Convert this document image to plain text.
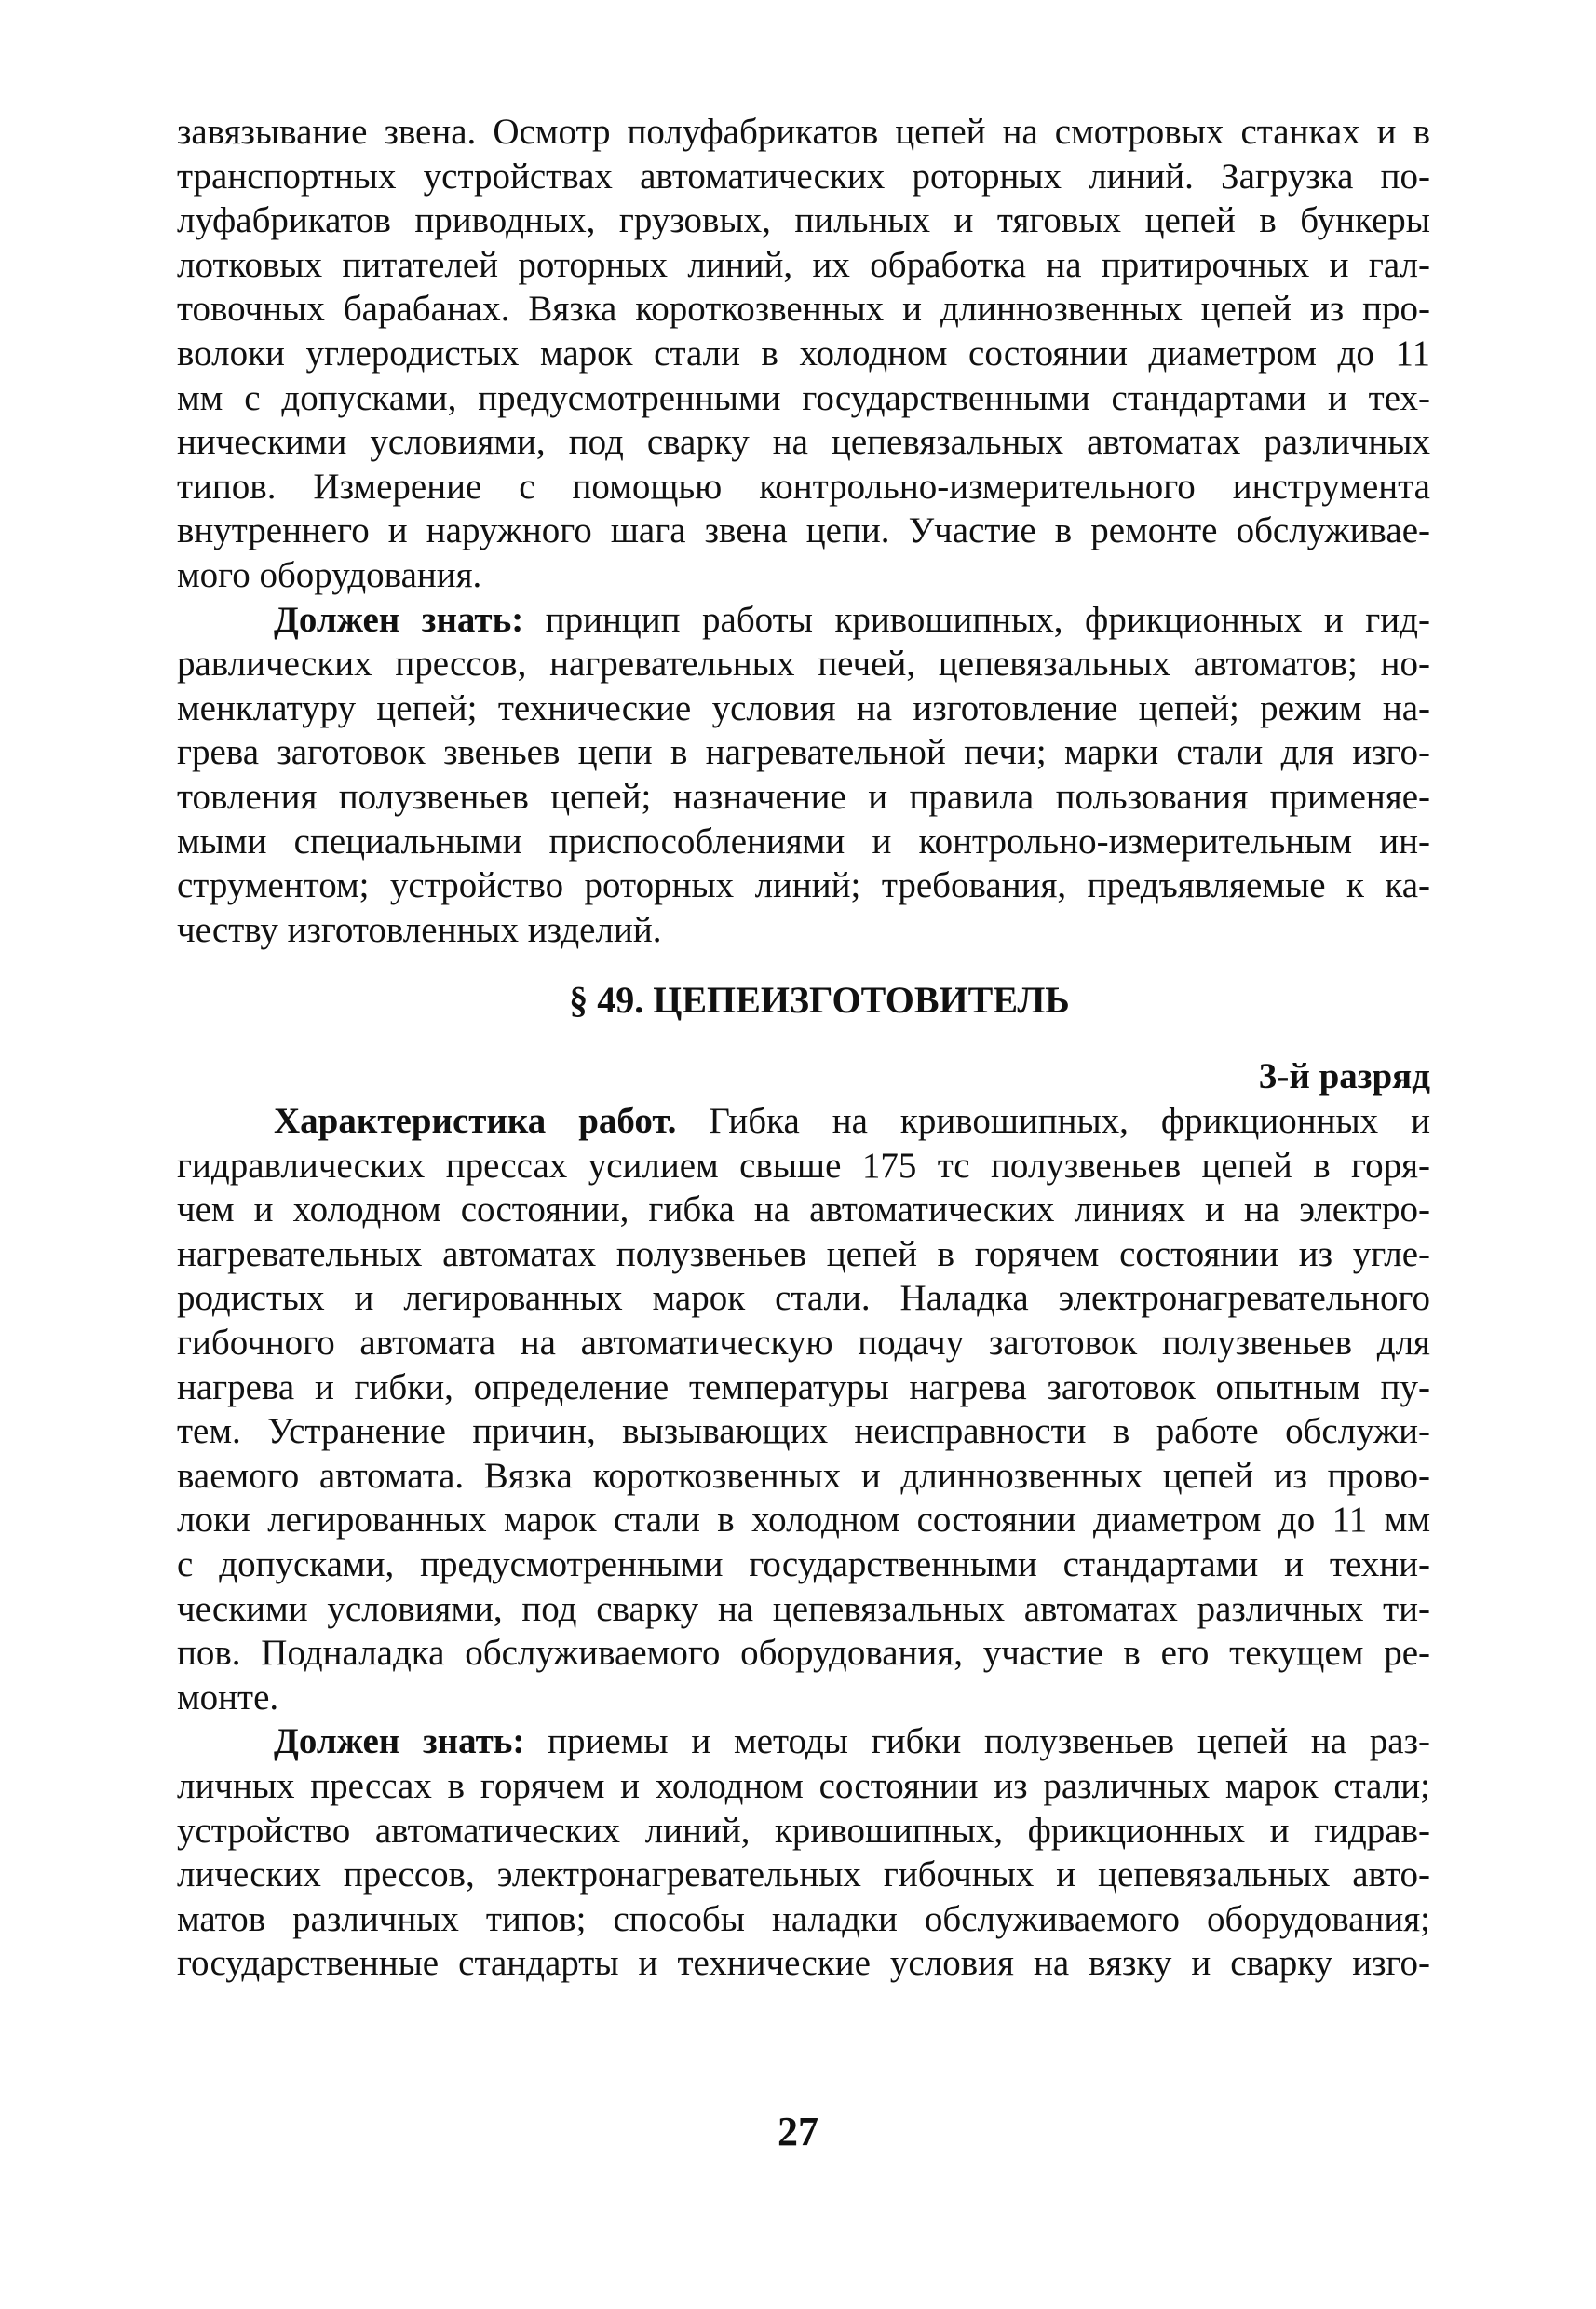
завязывание звена. Осмотр полуфабрикатов цепей на смотровых станках и в
транспортных устройствах автоматических роторных линий. Загрузка по-
луфабрикатов приводных, грузовых, пильных и тяговых цепей в бункеры
лотковых питателей роторных линий, их обработка на притирочных и гал-
товочных барабанах. Вязка короткозвенных и длиннозвенных цепей из про-
волоки углеродистых марок стали в холодном состоянии диаметром до 11
мм с допусками, предусмотренными государственными стандартами и тех-
ническими условиями, под сварку на цепевязальных автоматах различных
типов. Измерение с помощью контрольно-измерительного инструмента
внутреннего и наружного шага звена цепи. Участие в ремонте обслуживае-
мого оборудования.
Должен знать: принцип работы кривошипных, фрикционных и гид-
равлических прессов, нагревательных печей, цепевязальных автоматов; но-
менклатуру цепей; технические условия на изготовление цепей; режим на-
грева заготовок звеньев цепи в нагревательной печи; марки стали для изго-
товления полузвеньев цепей; назначение и правила пользования применяе-
мыми специальными приспособлениями и контрольно-измерительным ин-
струментом; устройство роторных линий; требования, предъявляемые к ка-
честву изготовленных изделий.
§ 49. ЦЕПЕИЗГОТОВИТЕЛЬ
3-й разряд
Характеристика работ. Гибка на кривошипных, фрикционных и
гидравлических прессах усилием свыше 175 тс полузвеньев цепей в горя-
чем и холодном состоянии, гибка на автоматических линиях и на электро-
нагревательных автоматах полузвеньев цепей в горячем состоянии из угле-
родистых и легированных марок стали. Наладка электронагревательного
гибочного автомата на автоматическую подачу заготовок полузвеньев для
нагрева и гибки, определение температуры нагрева заготовок опытным пу-
тем. Устранение причин, вызывающих неисправности в работе обслужи-
ваемого автомата. Вязка короткозвенных и длиннозвенных цепей из прово-
локи легированных марок стали в холодном состоянии диаметром до 11 мм
с допусками, предусмотренными государственными стандартами и техни-
ческими условиями, под сварку на цепевязальных автоматах различных ти-
пов. Подналадка обслуживаемого оборудования, участие в его текущем ре-
монте.
Должен знать: приемы и методы гибки полузвеньев цепей на раз-
личных прессах в горячем и холодном состоянии из различных марок стали;
устройство автоматических линий, кривошипных, фрикционных и гидрав-
лических прессов, электронагревательных гибочных и цепевязальных авто-
матов различных типов; способы наладки обслуживаемого оборудования;
государственные стандарты и технические условия на вязку и сварку изго-
27
